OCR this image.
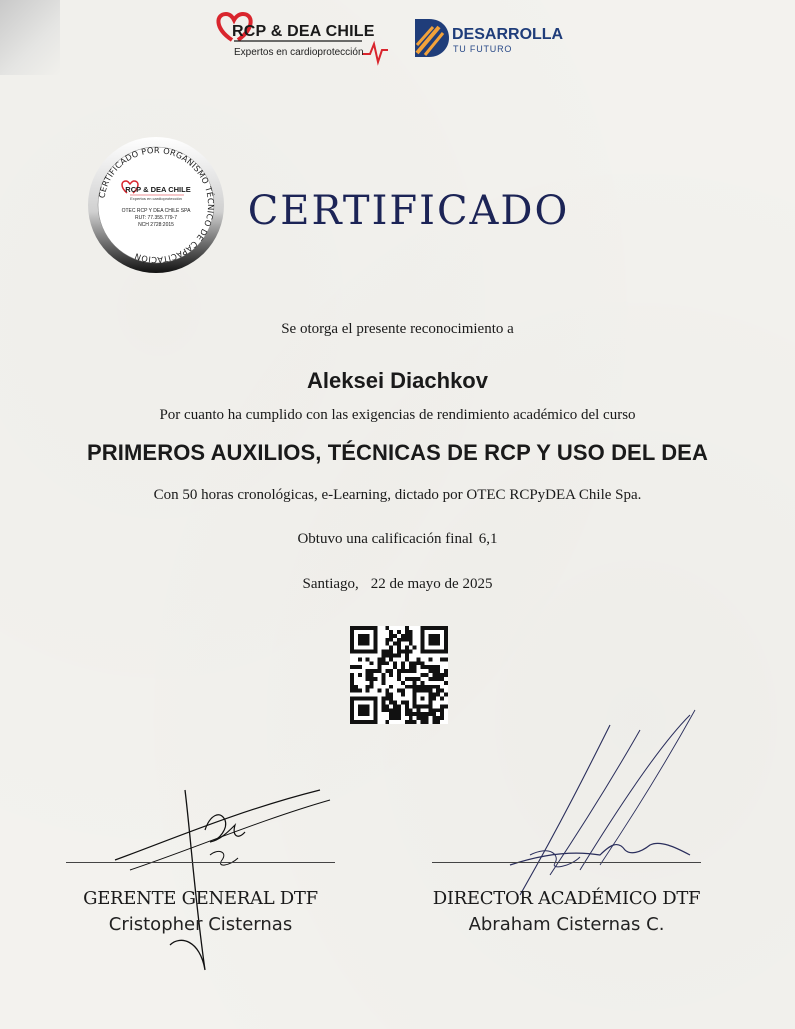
RCP & DEA CHILE
Expertos en cardioprotección
DESARROLLA
TU FUTURO
CERTIFICADO POR ORGANISMO TÉCNICO DE CAPACITACIÓN
RCP & DEA CHILE
Expertos en cardioprotección
OTEC RCP Y DEA CHILE SPA
RUT: 77.355.779-7
NCH 2728:2015	CERTIFICADO
Se otorga el presente reconocimiento a
Aleksei Diachkov
Por cuanto ha cumplido con las exigencias de rendimiento académico del curso
PRIMEROS AUXILIOS, TÉCNICAS DE RCP Y USO DEL DEA
Con 50 horas cronológicas, e-Learning, dictado por OTEC RCPyDEA Chile Spa.
Obtuvo una calificación final 6,1
Santiago, 22 de mayo de 2025
GERENTE GENERAL DTF
Cristopher Cisternas
DIRECTOR ACADÉMICO DTF
Abraham Cisternas C.
